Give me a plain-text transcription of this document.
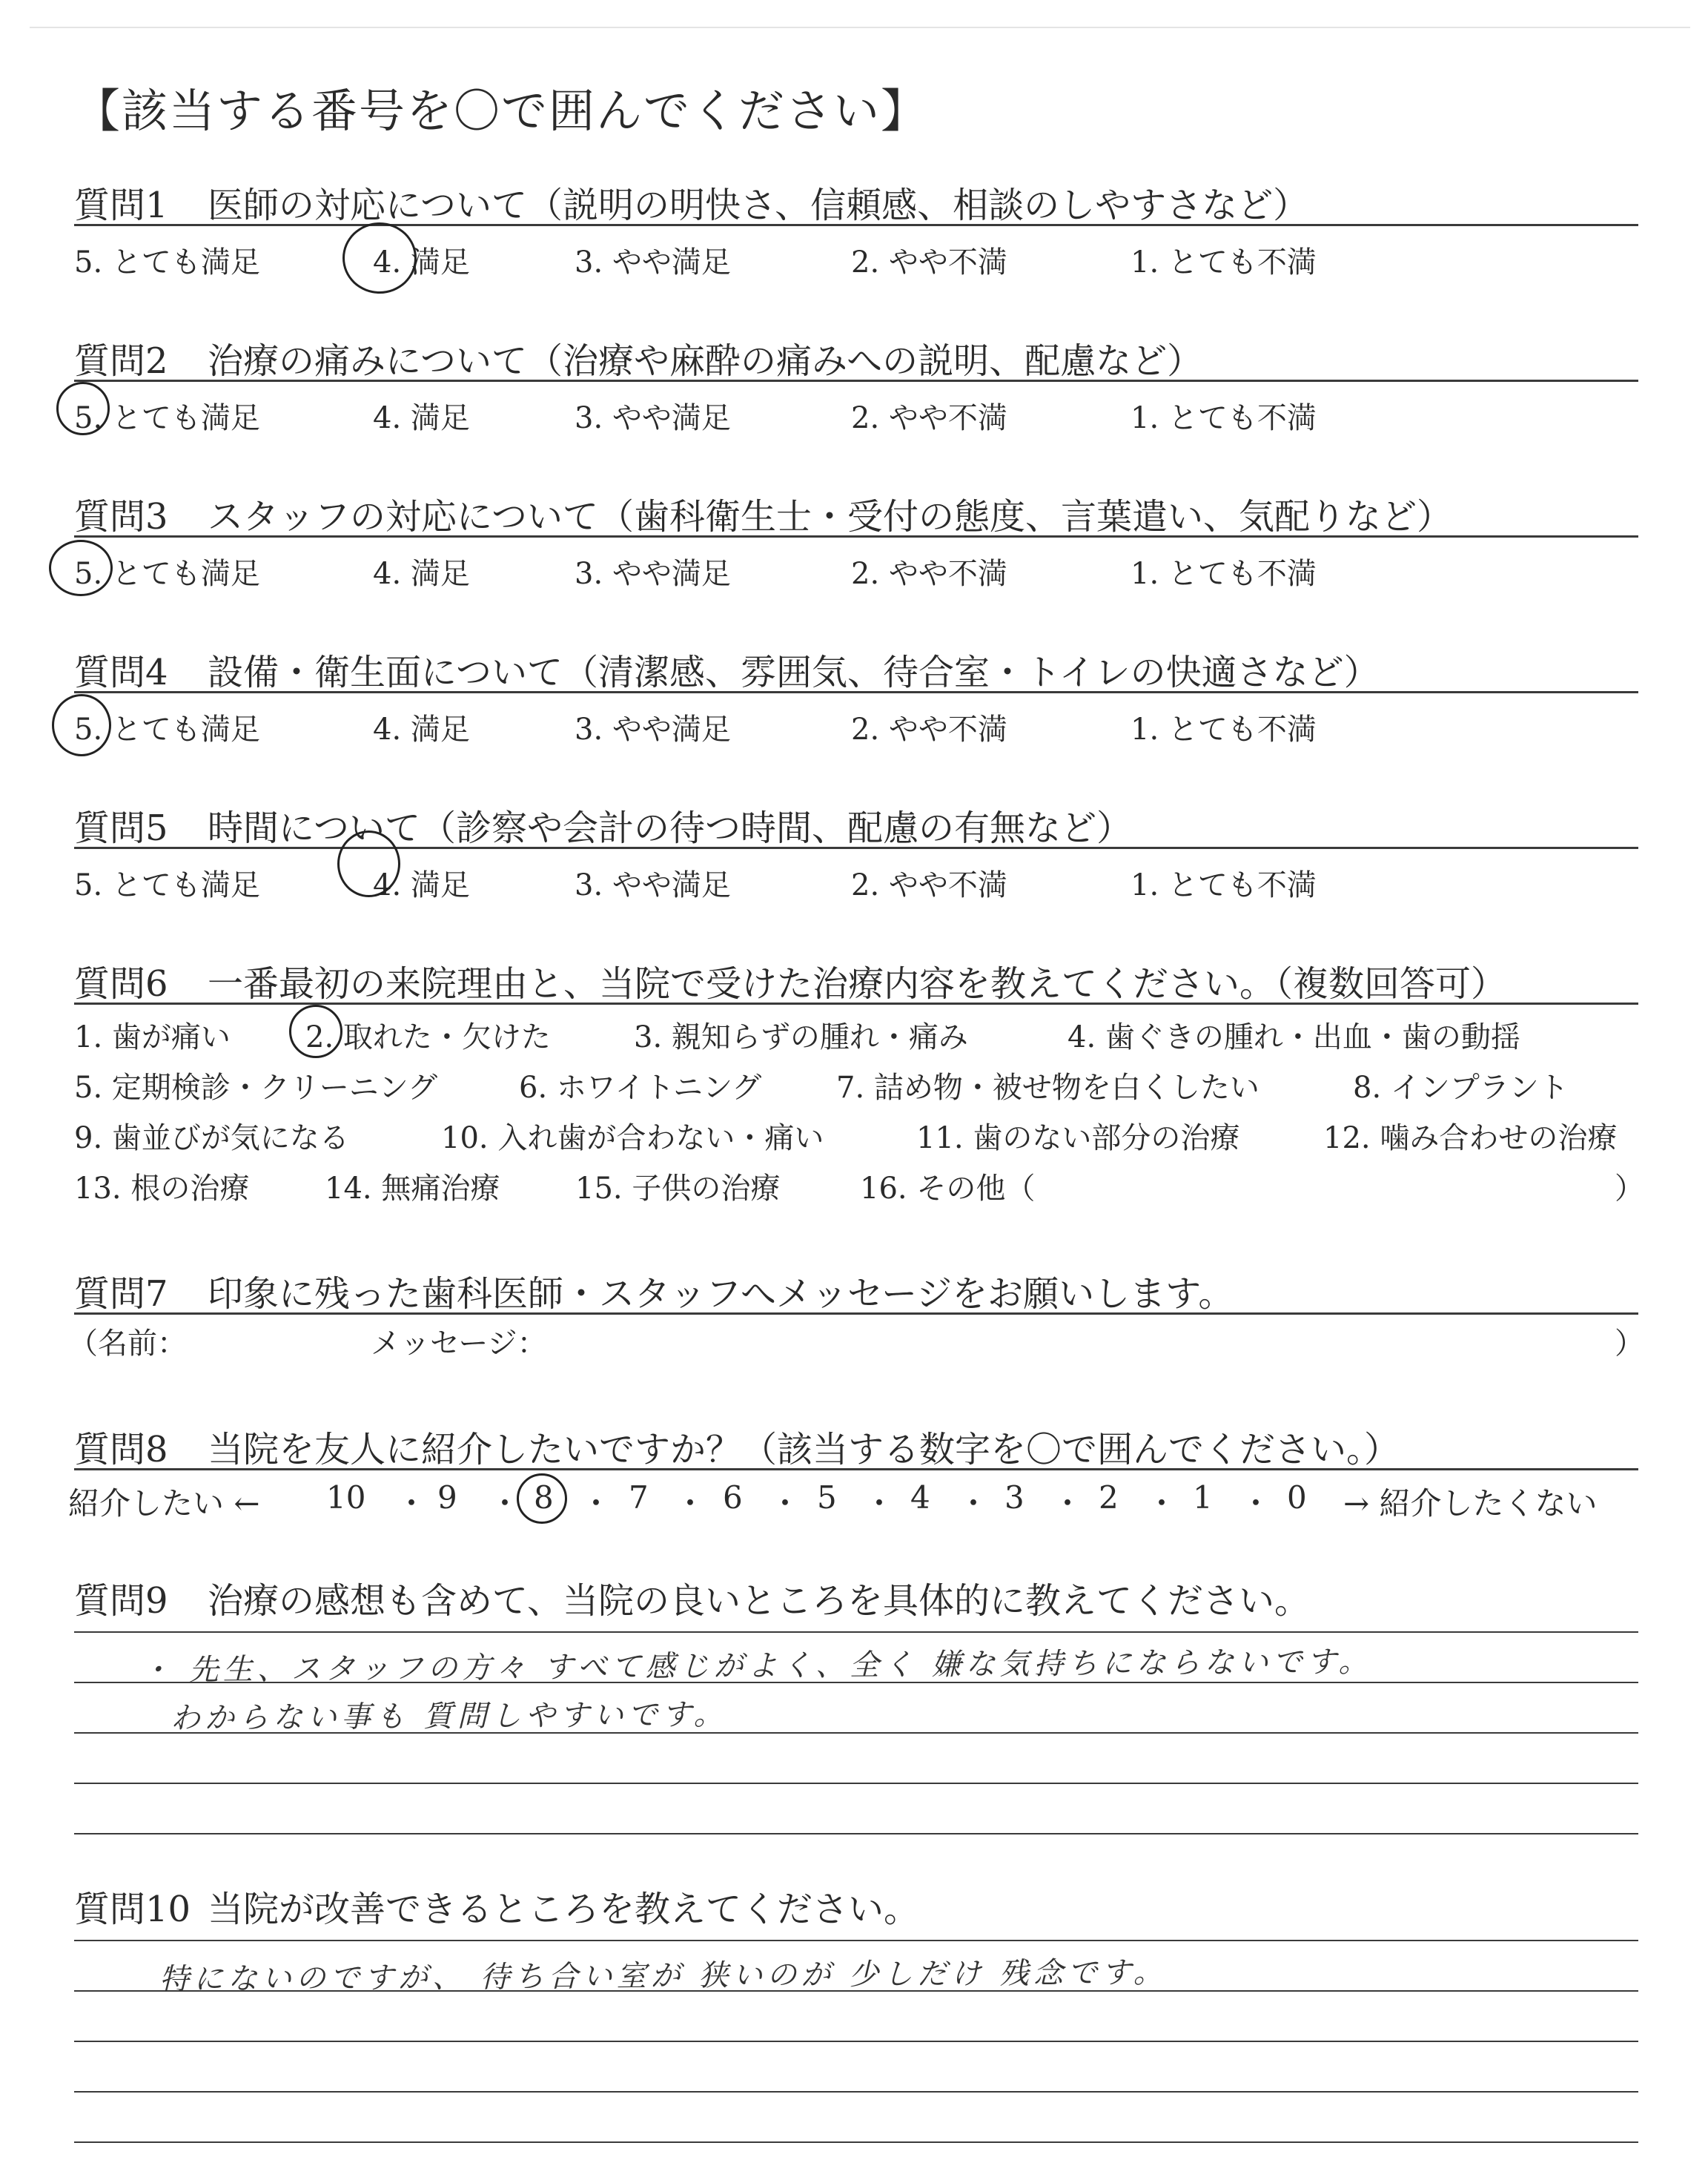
【該当する番号を〇で囲んでください】
質問1 医師の対応について（説明の明快さ、信頼感、相談のしやすさなど）
5. とても満足	4. 満足	3. やや満足	2. やや不満	1. とても不満
質問2 治療の痛みについて（治療や麻酔の痛みへの説明、配慮など）
5. とても満足	4. 満足	3. やや満足	2. やや不満	1. とても不満
質問3 スタッフの対応について（歯科衛生士・受付の態度、言葉遣い、気配りなど）
5. とても満足	4. 満足	3. やや満足	2. やや不満	1. とても不満
質問4 設備・衛生面について（清潔感、雰囲気、待合室・トイレの快適さなど）
5. とても満足	4. 満足	3. やや満足	2. やや不満	1. とても不満
質問5 時間について（診察や会計の待つ時間、配慮の有無など）
5. とても満足	4. 満足	3. やや満足	2. やや不満	1. とても不満
質問6 一番最初の来院理由と、当院で受けた治療内容を教えてください。（複数回答可）
1. 歯が痛い	2. 取れた・欠けた	3. 親知らずの腫れ・痛み	4. 歯ぐきの腫れ・出血・歯の動揺
5. 定期検診・クリーニング	6. ホワイトニング	7. 詰め物・被せ物を白くしたい	8. インプラント
9. 歯並びが気になる	10. 入れ歯が合わない・痛い	11. 歯のない部分の治療	12. 噛み合わせの治療
13. 根の治療	14. 無痛治療	15. 子供の治療	16. その他（	）
質問7 印象に残った歯科医師・スタッフへメッセージをお願いします。
（名前：	メッセージ：	）
質問8 当院を友人に紹介したいですか？（該当する数字を〇で囲んでください。）
紹介したい ← 10 ・ 9 ・ 8 ・ 7 ・ 6 ・ 5 ・ 4 ・ 3 ・ 2 ・ 1 ・ 0 → 紹介したくない
質問9 治療の感想も含めて、当院の良いところを具体的に教えてください。
・ 先生、スタッフの方々 すべて感じがよく、全く 嫌な気持ちにならないです。
わからない事も 質問しやすいです。
質問10 当院が改善できるところを教えてください。
特にないのですが、 待ち合い室が 狭いのが 少しだけ 残念です。
